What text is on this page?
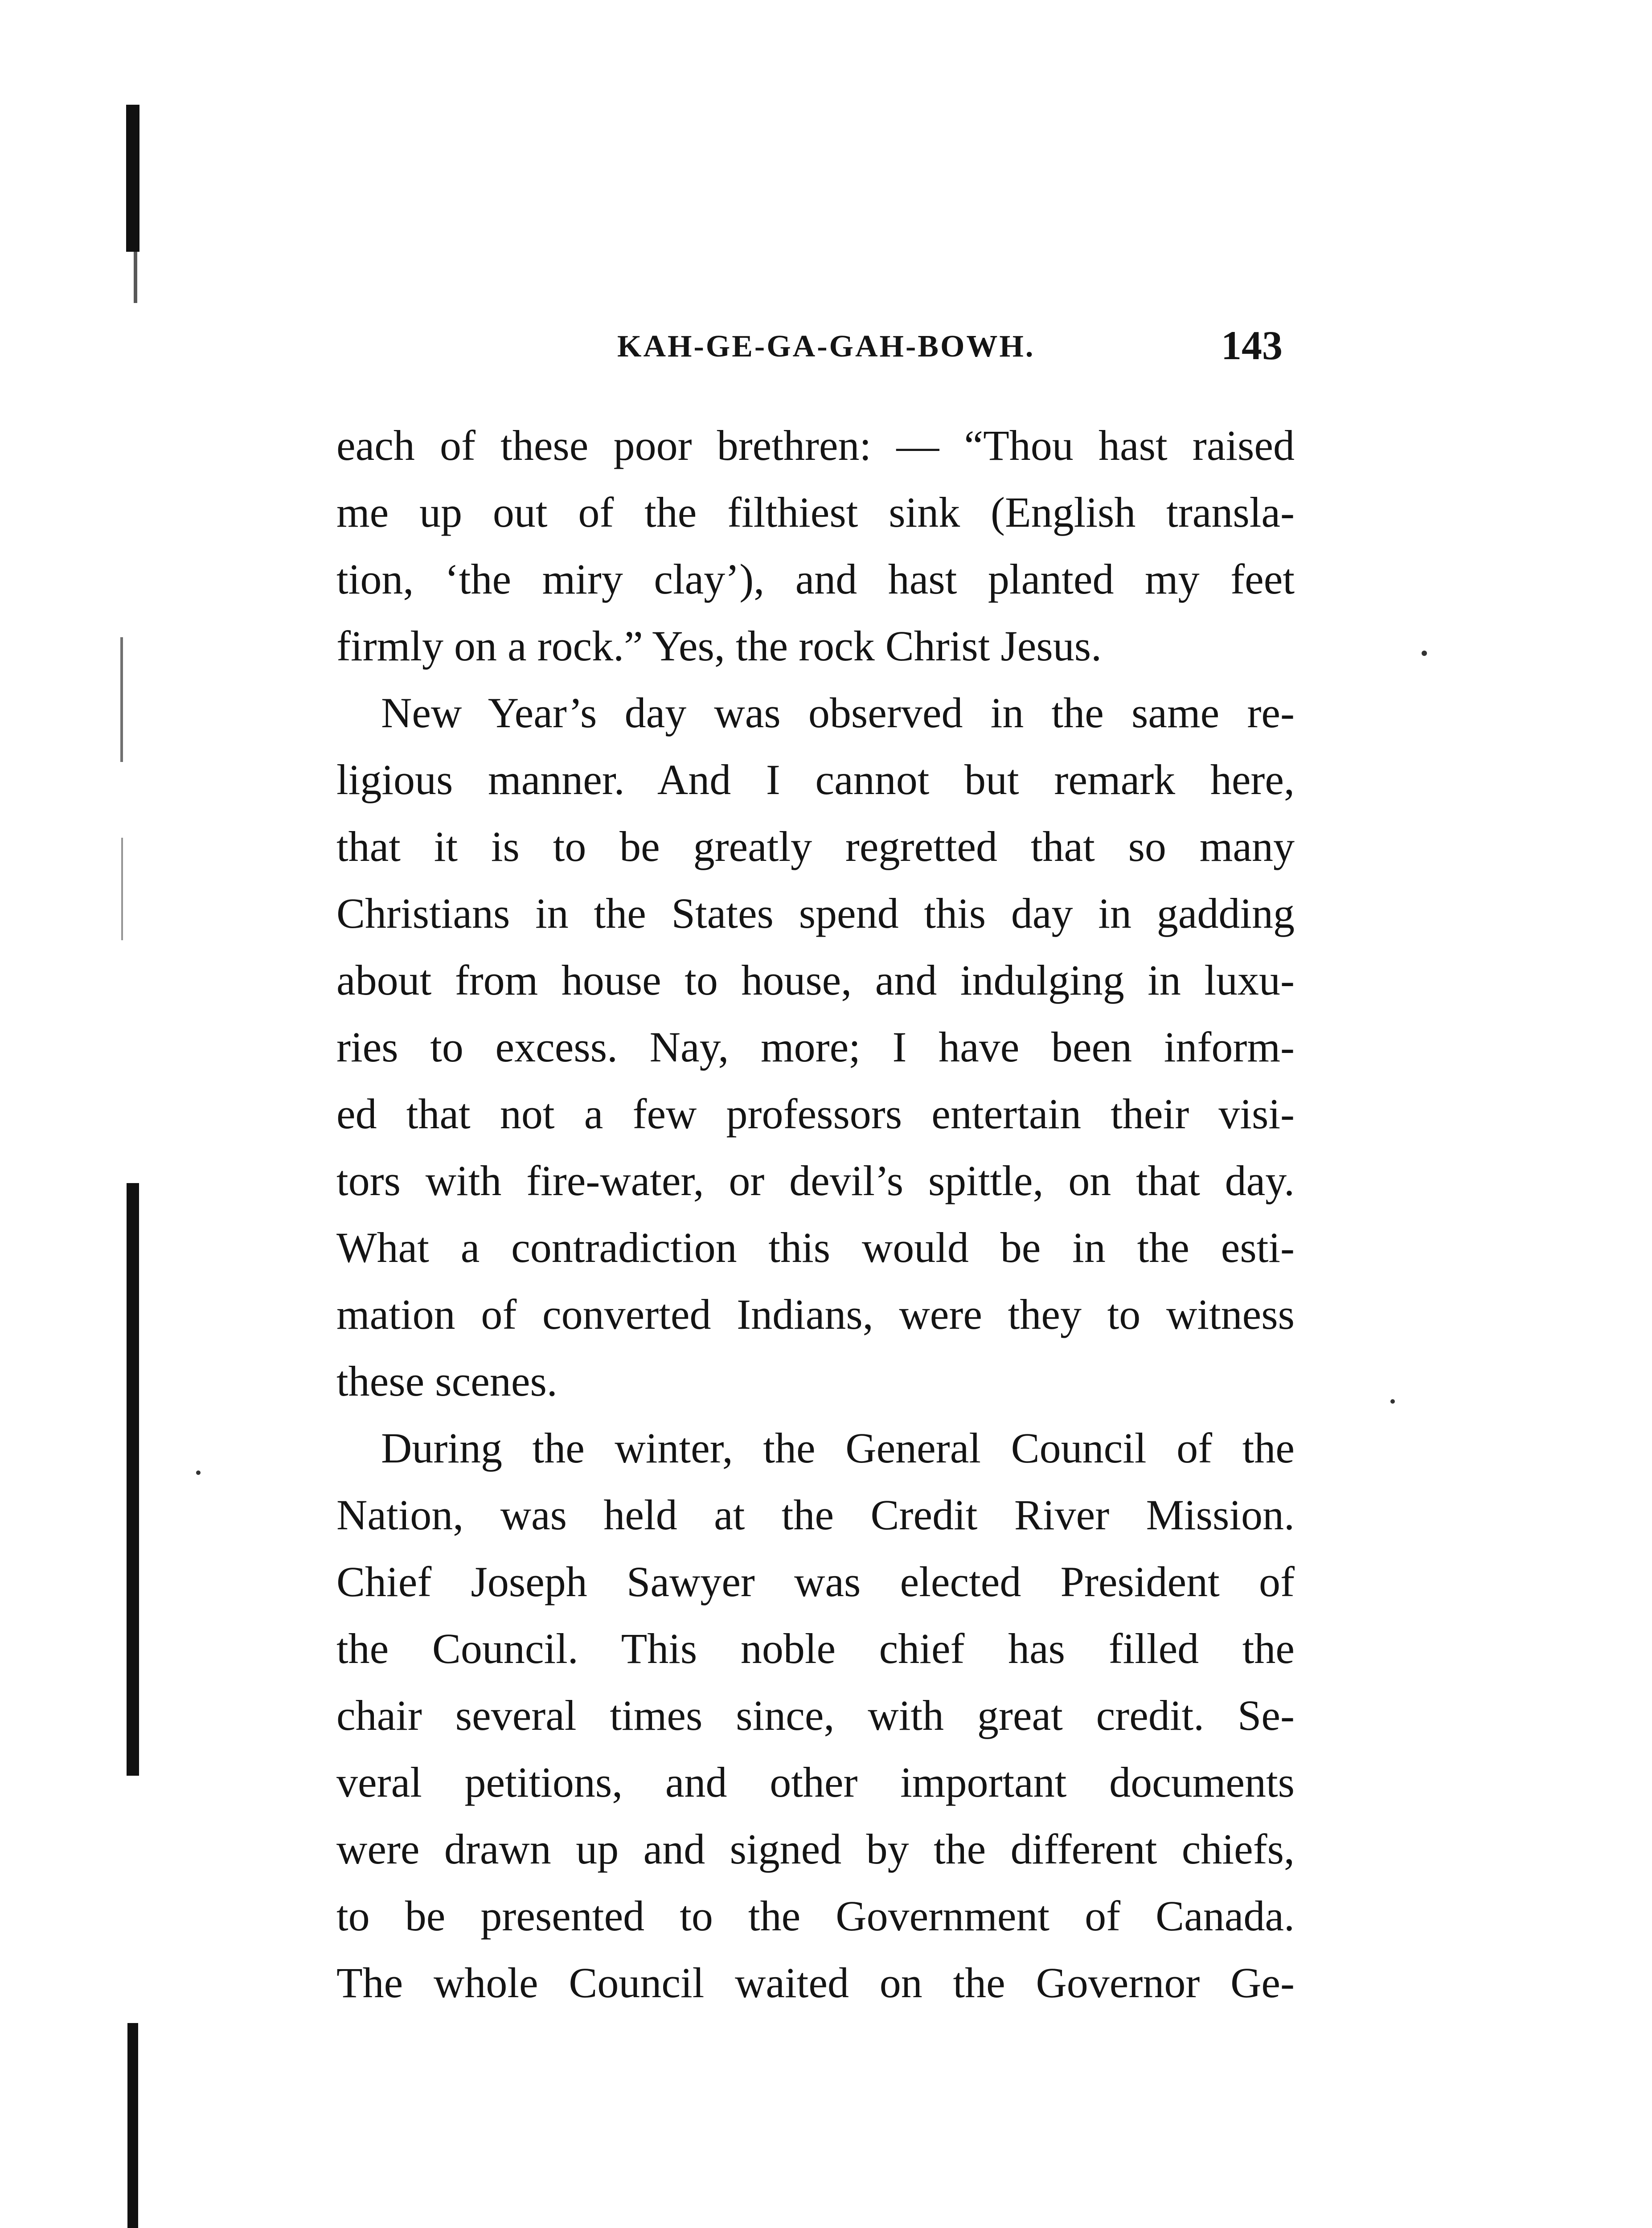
KAH-GE-GA-GAH-BOWH.	143
each of these poor brethren: — “Thou hast raised
me up out of the filthiest sink (English transla-
tion, ‘the miry clay’), and hast planted my feet
firmly on a rock.” Yes, the rock Christ Jesus.
New Year’s day was observed in the same re-
ligious manner. And I cannot but remark here,
that it is to be greatly regretted that so many
Christians in the States spend this day in gadding
about from house to house, and indulging in luxu-
ries to excess. Nay, more; I have been inform-
ed that not a few professors entertain their visi-
tors with fire-water, or devil’s spittle, on that day.
What a contradiction this would be in the esti-
mation of converted Indians, were they to witness
these scenes.
During the winter, the General Council of the
Nation, was held at the Credit River Mission.
Chief Joseph Sawyer was elected President of
the Council. This noble chief has filled the
chair several times since, with great credit. Se-
veral petitions, and other important documents
were drawn up and signed by the different chiefs,
to be presented to the Government of Canada.
The whole Council waited on the Governor Ge-
